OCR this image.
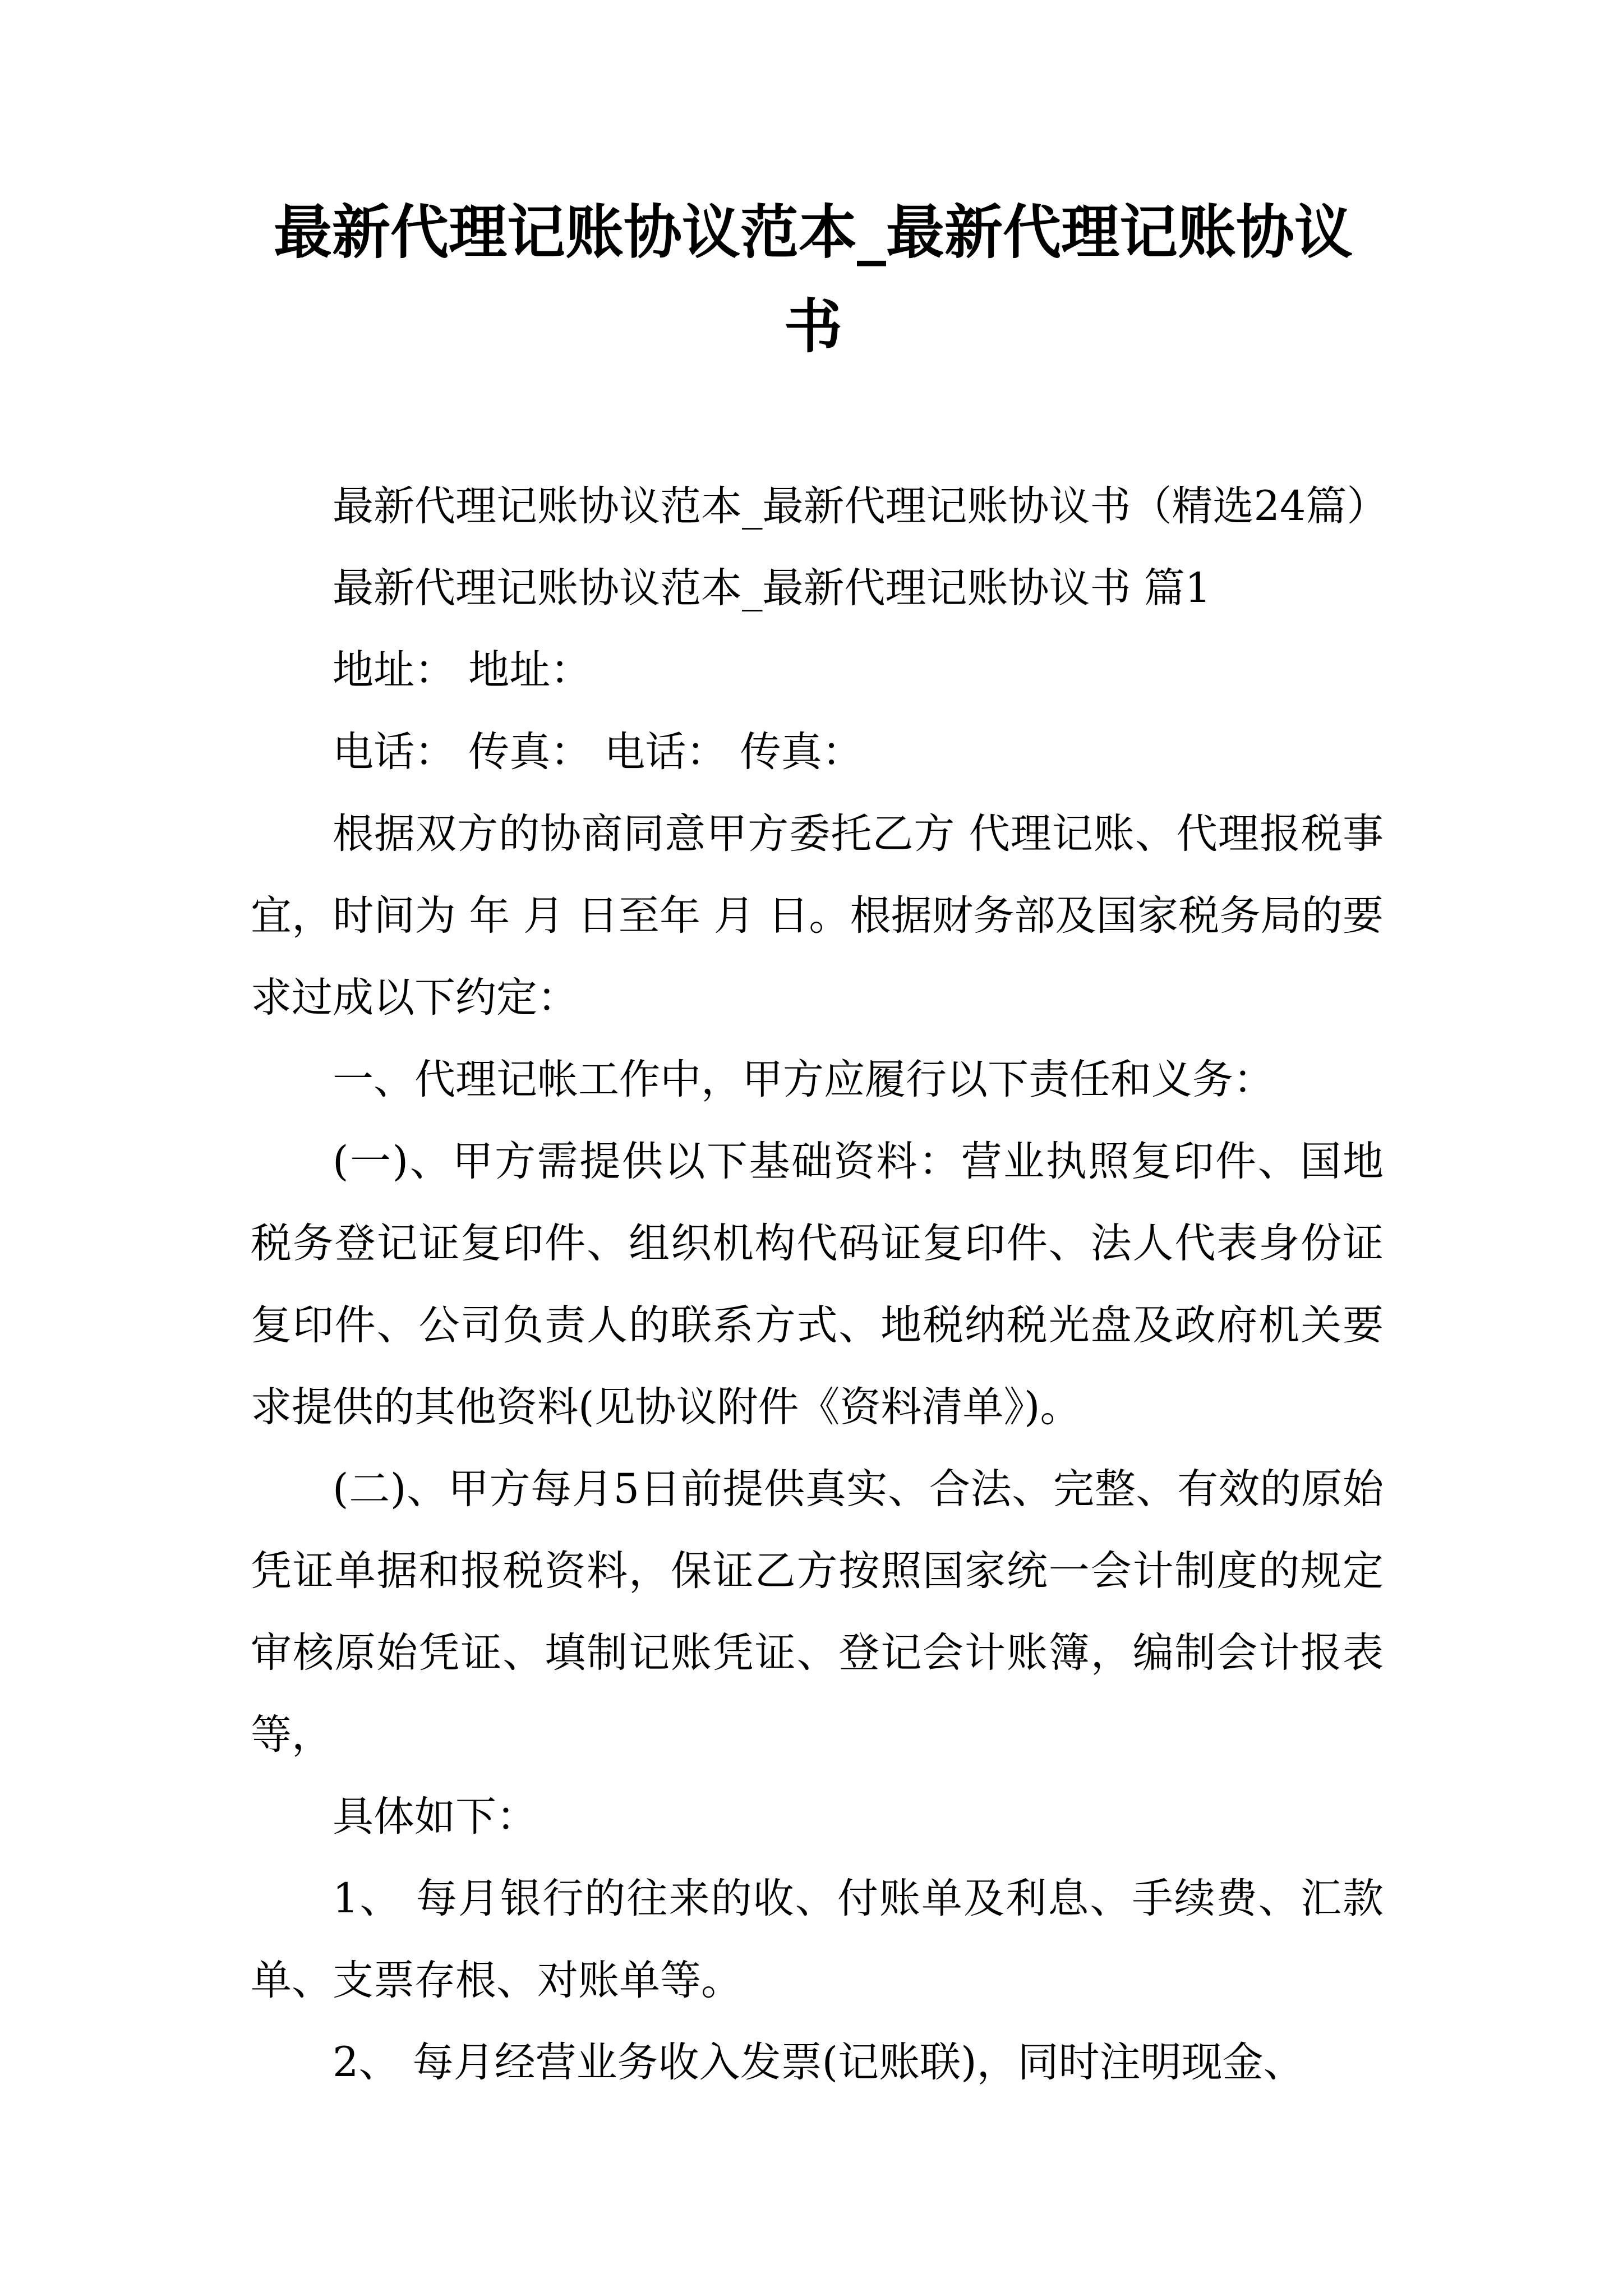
最新代理记账协议范本_最新代理记账协议书

最新代理记账协议范本_最新代理记账协议书（精选24篇）

最新代理记账协议范本_最新代理记账协议书 篇1

地址： 地址：

电话： 传真： 电话： 传真：

根据双方的协商同意甲方委托乙方 代理记账、代理报税事宜，时间为 年 月 日至年 月 日。根据财务部及国家税务局的要求过成以下约定：

一、代理记帐工作中，甲方应履行以下责任和义务：

(一)、甲方需提供以下基础资料：营业执照复印件、国地税务登记证复印件、组织机构代码证复印件、法人代表身份证复印件、公司负责人的联系方式、地税纳税光盘及政府机关要求提供的其他资料(见协议附件《资料清单》)。

(二)、甲方每月5日前提供真实、合法、完整、有效的原始凭证单据和报税资料，保证乙方按照国家统一会计制度的规定审核原始凭证、填制记账凭证、登记会计账簿，编制会计报表等，

具体如下：

1、 每月银行的往来的收、付账单及利息、手续费、汇款单、支票存根、对账单等。

2、 每月经营业务收入发票(记账联)，同时注明现金、
